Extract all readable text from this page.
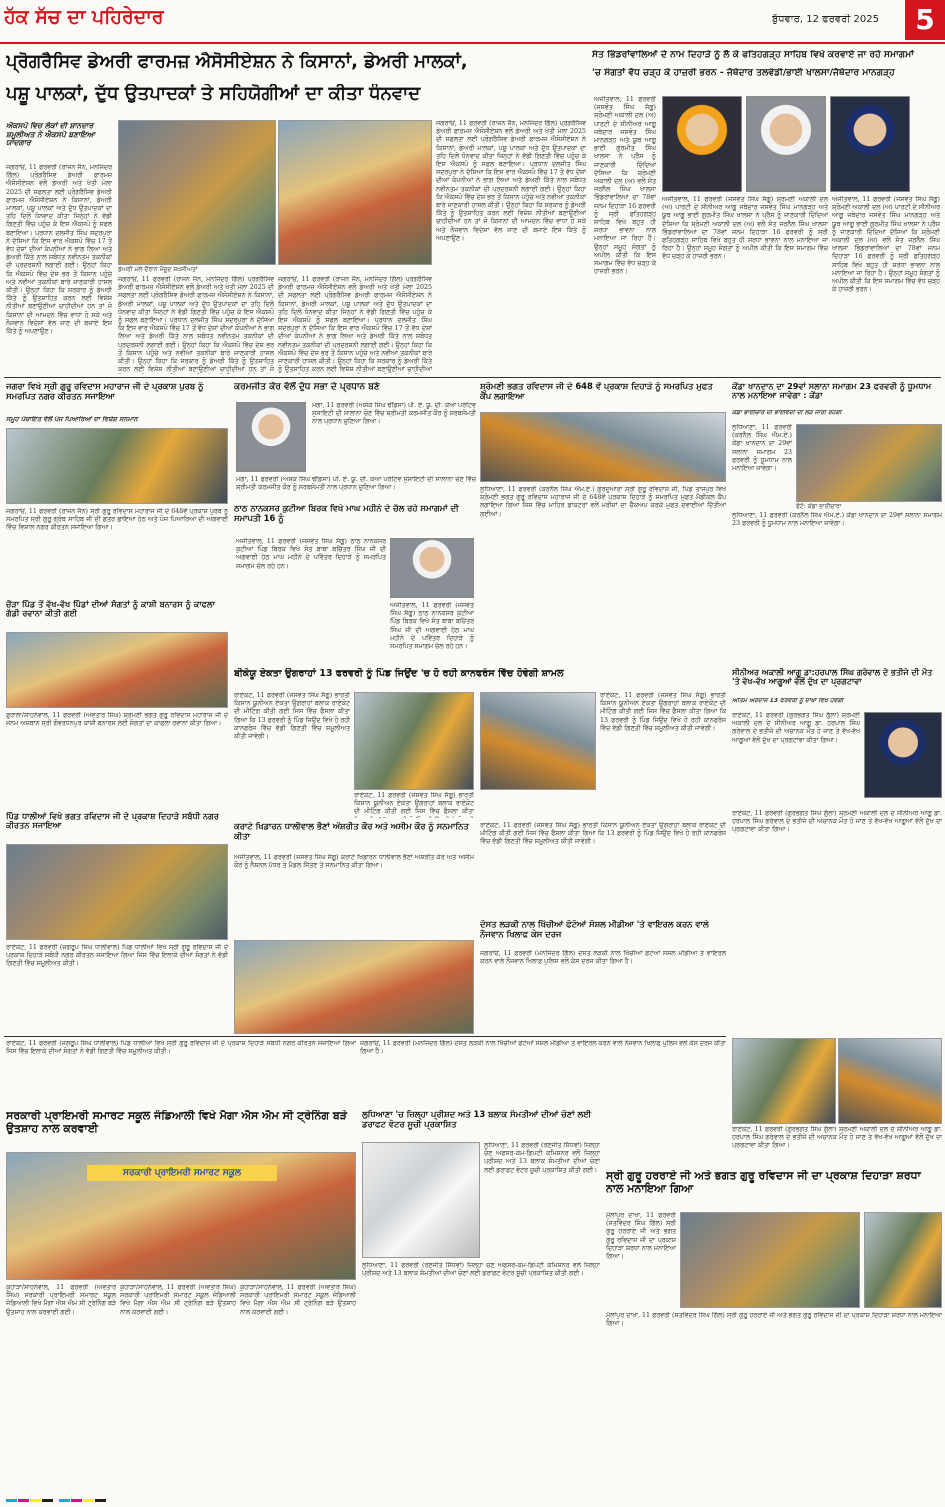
ਹੱਕ ਸੱਚ ਦਾ ਪਹਿਰੇਦਾਰ	ਬੁੱਧਵਾਰ, 12 ਫਰਵਰੀ 2025	5
ਪ੍ਰੋਗਰੈਸਿਵ ਡੇਅਰੀ ਫਾਰਮਜ਼ ਐਸੋਸੀਏਸ਼ਨ ਨੇ ਕਿਸਾਨਾਂ, ਡੇਅਰੀ ਮਾਲਕਾਂ,
ਪਸ਼ੂ ਪਾਲਕਾਂ, ਦੁੱਧ ਉਤਪਾਦਕਾਂ ਤੇ ਸਹਿਯੋਗੀਆਂ ਦਾ ਕੀਤਾ ਧੰਨਵਾਦ
ਐਕਸਪੋ ਵਿਚ ਲੋਕਾਂ ਦੀ ਸ਼ਾਨਦਾਰ ਸ਼ਮੂਲੀਅਤ ਨੇ ਐਕਸਪੋ ਬਣਾਇਆ ਯਾਦਗਾਰ
ਜਗਰਾਓਂ, 11 ਫਰਵਰੀ (ਰਾਜਨ ਜੈਨ, ਮਨਜਿੰਦਰ ਗਿੱਲ) ਪ੍ਰੋਗਰੈਸਿਵ ਡੇਅਰੀ ਫਾਰਮਜ਼ ਐਸੋਸੀਏਸ਼ਨ ਵਲੋਂ ਡੇਅਰੀ ਅਤੇ ਖੇਤੀ ਮੇਲਾ 2025 ਦੀ ਸਫਲਤਾ ਲਈ ਪ੍ਰੋਗਰੈਸਿਵ ਡੇਅਰੀ ਫਾਰਮਜ਼ ਐਸੋਸੀਏਸ਼ਨ ਨੇ ਕਿਸਾਨਾਂ, ਡੇਅਰੀ ਮਾਲਕਾਂ, ਪਸ਼ੂ ਪਾਲਕਾਂ ਅਤੇ ਦੁੱਧ ਉਤਪਾਦਕਾਂ ਦਾ ਤਹਿ ਦਿਲੋਂ ਧੰਨਵਾਦ ਕੀਤਾ ਜਿਨ੍ਹਾਂ ਨੇ ਵੱਡੀ ਗਿਣਤੀ ਵਿੱਚ ਪਹੁੰਚ ਕੇ ਇਸ ਐਕਸਪੋ ਨੂੰ ਸਫਲ ਬਣਾਇਆ। ਪ੍ਰਧਾਨ ਦਲਜੀਤ ਸਿੰਘ ਸਦਰਪੁਰਾ ਨੇ ਦੱਸਿਆ ਕਿ ਇਸ ਵਾਰ ਐਕਸਪੋ ਵਿੱਚ 17 ਤੋਂ ਵੱਧ ਦੇਸ਼ਾਂ ਦੀਆਂ ਕੰਪਨੀਆਂ ਨੇ ਭਾਗ ਲਿਆ ਅਤੇ ਡੇਅਰੀ ਕਿੱਤੇ ਨਾਲ ਸਬੰਧਤ ਨਵੀਨਤਮ ਤਕਨੀਕਾਂ ਦੀ ਪ੍ਰਦਰਸ਼ਨੀ ਲਗਾਈ ਗਈ। ਉਨ੍ਹਾਂ ਕਿਹਾ ਕਿ ਐਕਸਪੋ ਵਿੱਚ ਦੇਸ਼ ਭਰ ਤੋਂ ਕਿਸਾਨ ਪਹੁੰਚੇ ਅਤੇ ਨਵੀਆਂ ਤਕਨੀਕਾਂ ਬਾਰੇ ਜਾਣਕਾਰੀ ਹਾਸਲ ਕੀਤੀ। ਉਨ੍ਹਾਂ ਕਿਹਾ ਕਿ ਸਰਕਾਰ ਨੂੰ ਡੇਅਰੀ ਕਿੱਤੇ ਨੂੰ ਉਤਸ਼ਾਹਿਤ ਕਰਨ ਲਈ ਵਿਸ਼ੇਸ਼ ਨੀਤੀਆਂ ਬਣਾਉਣੀਆਂ ਚਾਹੀਦੀਆਂ ਹਨ ਤਾਂ ਜੋ ਕਿਸਾਨਾਂ ਦੀ ਆਮਦਨ ਵਿੱਚ ਵਾਧਾ ਹੋ ਸਕੇ ਅਤੇ ਨੌਜਵਾਨ ਵਿਦੇਸ਼ਾਂ ਵੱਲ ਜਾਣ ਦੀ ਬਜਾਏ ਇਸ ਕਿੱਤੇ ਨੂੰ ਅਪਣਾਉਣ।
ਡੇਅਰੀ ਮੇਲੇ ਦੌਰਾਨ ਮੌਜੂਦ ਸ਼ਖ਼ਸੀਅਤਾਂ
ਜਗਰਾਓਂ, 11 ਫਰਵਰੀ (ਰਾਜਨ ਜੈਨ, ਮਨਜਿੰਦਰ ਗਿੱਲ) ਪ੍ਰੋਗਰੈਸਿਵ ਡੇਅਰੀ ਫਾਰਮਜ਼ ਐਸੋਸੀਏਸ਼ਨ ਵਲੋਂ ਡੇਅਰੀ ਅਤੇ ਖੇਤੀ ਮੇਲਾ 2025 ਦੀ ਸਫਲਤਾ ਲਈ ਪ੍ਰੋਗਰੈਸਿਵ ਡੇਅਰੀ ਫਾਰਮਜ਼ ਐਸੋਸੀਏਸ਼ਨ ਨੇ ਕਿਸਾਨਾਂ, ਡੇਅਰੀ ਮਾਲਕਾਂ, ਪਸ਼ੂ ਪਾਲਕਾਂ ਅਤੇ ਦੁੱਧ ਉਤਪਾਦਕਾਂ ਦਾ ਤਹਿ ਦਿਲੋਂ ਧੰਨਵਾਦ ਕੀਤਾ ਜਿਨ੍ਹਾਂ ਨੇ ਵੱਡੀ ਗਿਣਤੀ ਵਿੱਚ ਪਹੁੰਚ ਕੇ ਇਸ ਐਕਸਪੋ ਨੂੰ ਸਫਲ ਬਣਾਇਆ। ਪ੍ਰਧਾਨ ਦਲਜੀਤ ਸਿੰਘ ਸਦਰਪੁਰਾ ਨੇ ਦੱਸਿਆ ਕਿ ਇਸ ਵਾਰ ਐਕਸਪੋ ਵਿੱਚ 17 ਤੋਂ ਵੱਧ ਦੇਸ਼ਾਂ ਦੀਆਂ ਕੰਪਨੀਆਂ ਨੇ ਭਾਗ ਲਿਆ ਅਤੇ ਡੇਅਰੀ ਕਿੱਤੇ ਨਾਲ ਸਬੰਧਤ ਨਵੀਨਤਮ ਤਕਨੀਕਾਂ ਦੀ ਪ੍ਰਦਰਸ਼ਨੀ ਲਗਾਈ ਗਈ। ਉਨ੍ਹਾਂ ਕਿਹਾ ਕਿ ਐਕਸਪੋ ਵਿੱਚ ਦੇਸ਼ ਭਰ ਤੋਂ ਕਿਸਾਨ ਪਹੁੰਚੇ ਅਤੇ ਨਵੀਆਂ ਤਕਨੀਕਾਂ ਬਾਰੇ ਜਾਣਕਾਰੀ ਹਾਸਲ ਕੀਤੀ। ਉਨ੍ਹਾਂ ਕਿਹਾ ਕਿ ਸਰਕਾਰ ਨੂੰ ਡੇਅਰੀ ਕਿੱਤੇ ਨੂੰ ਉਤਸ਼ਾਹਿਤ ਕਰਨ ਲਈ ਵਿਸ਼ੇਸ਼ ਨੀਤੀਆਂ ਬਣਾਉਣੀਆਂ ਚਾਹੀਦੀਆਂ ਹਨ ਤਾਂ ਜੋ
ਜਗਰਾਓਂ, 11 ਫਰਵਰੀ (ਰਾਜਨ ਜੈਨ, ਮਨਜਿੰਦਰ ਗਿੱਲ) ਪ੍ਰੋਗਰੈਸਿਵ ਡੇਅਰੀ ਫਾਰਮਜ਼ ਐਸੋਸੀਏਸ਼ਨ ਵਲੋਂ ਡੇਅਰੀ ਅਤੇ ਖੇਤੀ ਮੇਲਾ 2025 ਦੀ ਸਫਲਤਾ ਲਈ ਪ੍ਰੋਗਰੈਸਿਵ ਡੇਅਰੀ ਫਾਰਮਜ਼ ਐਸੋਸੀਏਸ਼ਨ ਨੇ ਕਿਸਾਨਾਂ, ਡੇਅਰੀ ਮਾਲਕਾਂ, ਪਸ਼ੂ ਪਾਲਕਾਂ ਅਤੇ ਦੁੱਧ ਉਤਪਾਦਕਾਂ ਦਾ ਤਹਿ ਦਿਲੋਂ ਧੰਨਵਾਦ ਕੀਤਾ ਜਿਨ੍ਹਾਂ ਨੇ ਵੱਡੀ ਗਿਣਤੀ ਵਿੱਚ ਪਹੁੰਚ ਕੇ ਇਸ ਐਕਸਪੋ ਨੂੰ ਸਫਲ ਬਣਾਇਆ। ਪ੍ਰਧਾਨ ਦਲਜੀਤ ਸਿੰਘ ਸਦਰਪੁਰਾ ਨੇ ਦੱਸਿਆ ਕਿ ਇਸ ਵਾਰ ਐਕਸਪੋ ਵਿੱਚ 17 ਤੋਂ ਵੱਧ ਦੇਸ਼ਾਂ ਦੀਆਂ ਕੰਪਨੀਆਂ ਨੇ ਭਾਗ ਲਿਆ ਅਤੇ ਡੇਅਰੀ ਕਿੱਤੇ ਨਾਲ ਸਬੰਧਤ ਨਵੀਨਤਮ ਤਕਨੀਕਾਂ ਦੀ ਪ੍ਰਦਰਸ਼ਨੀ ਲਗਾਈ ਗਈ। ਉਨ੍ਹਾਂ ਕਿਹਾ ਕਿ ਐਕਸਪੋ ਵਿੱਚ ਦੇਸ਼ ਭਰ ਤੋਂ ਕਿਸਾਨ ਪਹੁੰਚੇ ਅਤੇ ਨਵੀਆਂ ਤਕਨੀਕਾਂ ਬਾਰੇ ਜਾਣਕਾਰੀ ਹਾਸਲ ਕੀਤੀ। ਉਨ੍ਹਾਂ ਕਿਹਾ ਕਿ ਸਰਕਾਰ ਨੂੰ ਡੇਅਰੀ ਕਿੱਤੇ ਨੂੰ ਉਤਸ਼ਾਹਿਤ ਕਰਨ ਲਈ ਵਿਸ਼ੇਸ਼ ਨੀਤੀਆਂ ਬਣਾਉਣੀਆਂ ਚਾਹੀਦੀਆਂ
ਜਗਰਾਓਂ, 11 ਫਰਵਰੀ (ਰਾਜਨ ਜੈਨ, ਮਨਜਿੰਦਰ ਗਿੱਲ) ਪ੍ਰੋਗਰੈਸਿਵ ਡੇਅਰੀ ਫਾਰਮਜ਼ ਐਸੋਸੀਏਸ਼ਨ ਵਲੋਂ ਡੇਅਰੀ ਅਤੇ ਖੇਤੀ ਮੇਲਾ 2025 ਦੀ ਸਫਲਤਾ ਲਈ ਪ੍ਰੋਗਰੈਸਿਵ ਡੇਅਰੀ ਫਾਰਮਜ਼ ਐਸੋਸੀਏਸ਼ਨ ਨੇ ਕਿਸਾਨਾਂ, ਡੇਅਰੀ ਮਾਲਕਾਂ, ਪਸ਼ੂ ਪਾਲਕਾਂ ਅਤੇ ਦੁੱਧ ਉਤਪਾਦਕਾਂ ਦਾ ਤਹਿ ਦਿਲੋਂ ਧੰਨਵਾਦ ਕੀਤਾ ਜਿਨ੍ਹਾਂ ਨੇ ਵੱਡੀ ਗਿਣਤੀ ਵਿੱਚ ਪਹੁੰਚ ਕੇ ਇਸ ਐਕਸਪੋ ਨੂੰ ਸਫਲ ਬਣਾਇਆ। ਪ੍ਰਧਾਨ ਦਲਜੀਤ ਸਿੰਘ ਸਦਰਪੁਰਾ ਨੇ ਦੱਸਿਆ ਕਿ ਇਸ ਵਾਰ ਐਕਸਪੋ ਵਿੱਚ 17 ਤੋਂ ਵੱਧ ਦੇਸ਼ਾਂ ਦੀਆਂ ਕੰਪਨੀਆਂ ਨੇ ਭਾਗ ਲਿਆ ਅਤੇ ਡੇਅਰੀ ਕਿੱਤੇ ਨਾਲ ਸਬੰਧਤ ਨਵੀਨਤਮ ਤਕਨੀਕਾਂ ਦੀ ਪ੍ਰਦਰਸ਼ਨੀ ਲਗਾਈ ਗਈ। ਉਨ੍ਹਾਂ ਕਿਹਾ ਕਿ ਐਕਸਪੋ ਵਿੱਚ ਦੇਸ਼ ਭਰ ਤੋਂ ਕਿਸਾਨ ਪਹੁੰਚੇ ਅਤੇ ਨਵੀਆਂ ਤਕਨੀਕਾਂ ਬਾਰੇ ਜਾਣਕਾਰੀ ਹਾਸਲ ਕੀਤੀ। ਉਨ੍ਹਾਂ ਕਿਹਾ ਕਿ ਸਰਕਾਰ ਨੂੰ ਡੇਅਰੀ ਕਿੱਤੇ ਨੂੰ ਉਤਸ਼ਾਹਿਤ ਕਰਨ ਲਈ ਵਿਸ਼ੇਸ਼ ਨੀਤੀਆਂ ਬਣਾਉਣੀਆਂ ਚਾਹੀਦੀਆਂ ਹਨ ਤਾਂ ਜੋ ਕਿਸਾਨਾਂ ਦੀ ਆਮਦਨ ਵਿੱਚ ਵਾਧਾ ਹੋ ਸਕੇ ਅਤੇ ਨੌਜਵਾਨ ਵਿਦੇਸ਼ਾਂ ਵੱਲ ਜਾਣ ਦੀ ਬਜਾਏ ਇਸ ਕਿੱਤੇ ਨੂੰ ਅਪਣਾਉਣ।
ਸੰਤ ਭਿੰਡਰਾਂਵਾਲਿਆਂ ਦੇ ਨਾਮ ਦਿਹਾੜੇ ਨੂੰ ਲੈ ਕੇ ਫਤਿਹਗੜ੍ਹ ਸਾਹਿਬ ਵਿਖੇ ਕਰਵਾਏ ਜਾ ਰਹੇ ਸਮਾਗਮਾਂ
'ਚ ਸੰਗਤਾਂ ਵੱਧ ਚੜ੍ਹ ਕੇ ਹਾਜ਼ਰੀ ਭਰਨ - ਜੱਥੇਦਾਰ ਤਲਵੰਡੀ/ਭਾਈ ਖਾਲਸਾ/ਜੱਥੇਦਾਰ ਮਾਨਗੜ੍ਹ
ਅਜੀਤਵਾਲ, 11 ਫਰਵਰੀ (ਜਸਵੰਤ ਸਿੰਘ ਸੱਗੂ) ਸ਼੍ਰੋਮਣੀ ਅਕਾਲੀ ਦਲ (ਅ) ਪਾਰਟੀ ਦੇ ਸੀਨੀਅਰ ਆਗੂ ਜਥੇਦਾਰ ਜਸਵੰਤ ਸਿੰਘ ਮਾਨਗੜ੍ਹ ਅਤੇ ਯੂਥ ਆਗੂ ਭਾਈ ਗੁਰਮੀਤ ਸਿੰਘ ਖਾਲਸਾ ਨੇ ਪ੍ਰੈਸ ਨੂੰ ਜਾਣਕਾਰੀ ਦਿੰਦਿਆਂ ਦੱਸਿਆ ਕਿ ਸ਼੍ਰੋਮਣੀ ਅਕਾਲੀ ਦਲ (ਅ) ਵਲੋਂ ਸੰਤ ਜਰਨੈਲ ਸਿੰਘ ਖਾਲਸਾ ਭਿੰਡਰਾਂਵਾਲਿਆਂ ਦਾ 78ਵਾਂ ਜਨਮ ਦਿਹਾੜਾ 16 ਫਰਵਰੀ ਨੂੰ ਸ੍ਰੀ ਫਤਿਹਗੜ੍ਹ ਸਾਹਿਬ ਵਿਖੇ ਬਹੁਤ ਹੀ ਸ਼ਰਧਾ ਭਾਵਨਾ ਨਾਲ ਮਨਾਇਆ ਜਾ ਰਿਹਾ ਹੈ। ਉਨ੍ਹਾਂ ਸਮੂਹ ਸੰਗਤਾਂ ਨੂੰ ਅਪੀਲ ਕੀਤੀ ਕਿ ਇਸ ਸਮਾਗਮ ਵਿੱਚ ਵੱਧ ਚੜ੍ਹ ਕੇ ਹਾਜ਼ਰੀ ਭਰਨ।
ਅਜੀਤਵਾਲ, 11 ਫਰਵਰੀ (ਜਸਵੰਤ ਸਿੰਘ ਸੱਗੂ) ਸ਼੍ਰੋਮਣੀ ਅਕਾਲੀ ਦਲ (ਅ) ਪਾਰਟੀ ਦੇ ਸੀਨੀਅਰ ਆਗੂ ਜਥੇਦਾਰ ਜਸਵੰਤ ਸਿੰਘ ਮਾਨਗੜ੍ਹ ਅਤੇ ਯੂਥ ਆਗੂ ਭਾਈ ਗੁਰਮੀਤ ਸਿੰਘ ਖਾਲਸਾ ਨੇ ਪ੍ਰੈਸ ਨੂੰ ਜਾਣਕਾਰੀ ਦਿੰਦਿਆਂ ਦੱਸਿਆ ਕਿ ਸ਼੍ਰੋਮਣੀ ਅਕਾਲੀ ਦਲ (ਅ) ਵਲੋਂ ਸੰਤ ਜਰਨੈਲ ਸਿੰਘ ਖਾਲਸਾ ਭਿੰਡਰਾਂਵਾਲਿਆਂ ਦਾ 78ਵਾਂ ਜਨਮ ਦਿਹਾੜਾ 16 ਫਰਵਰੀ ਨੂੰ ਸ੍ਰੀ ਫਤਿਹਗੜ੍ਹ ਸਾਹਿਬ ਵਿਖੇ ਬਹੁਤ ਹੀ ਸ਼ਰਧਾ ਭਾਵਨਾ ਨਾਲ ਮਨਾਇਆ ਜਾ ਰਿਹਾ ਹੈ। ਉਨ੍ਹਾਂ ਸਮੂਹ ਸੰਗਤਾਂ ਨੂੰ ਅਪੀਲ ਕੀਤੀ ਕਿ ਇਸ ਸਮਾਗਮ ਵਿੱਚ ਵੱਧ ਚੜ੍ਹ ਕੇ ਹਾਜ਼ਰੀ ਭਰਨ।
ਅਜੀਤਵਾਲ, 11 ਫਰਵਰੀ (ਜਸਵੰਤ ਸਿੰਘ ਸੱਗੂ) ਸ਼੍ਰੋਮਣੀ ਅਕਾਲੀ ਦਲ (ਅ) ਪਾਰਟੀ ਦੇ ਸੀਨੀਅਰ ਆਗੂ ਜਥੇਦਾਰ ਜਸਵੰਤ ਸਿੰਘ ਮਾਨਗੜ੍ਹ ਅਤੇ ਯੂਥ ਆਗੂ ਭਾਈ ਗੁਰਮੀਤ ਸਿੰਘ ਖਾਲਸਾ ਨੇ ਪ੍ਰੈਸ ਨੂੰ ਜਾਣਕਾਰੀ ਦਿੰਦਿਆਂ ਦੱਸਿਆ ਕਿ ਸ਼੍ਰੋਮਣੀ ਅਕਾਲੀ ਦਲ (ਅ) ਵਲੋਂ ਸੰਤ ਜਰਨੈਲ ਸਿੰਘ ਖਾਲਸਾ ਭਿੰਡਰਾਂਵਾਲਿਆਂ ਦਾ 78ਵਾਂ ਜਨਮ ਦਿਹਾੜਾ 16 ਫਰਵਰੀ ਨੂੰ ਸ੍ਰੀ ਫਤਿਹਗੜ੍ਹ ਸਾਹਿਬ ਵਿਖੇ ਬਹੁਤ ਹੀ ਸ਼ਰਧਾ ਭਾਵਨਾ ਨਾਲ ਮਨਾਇਆ ਜਾ ਰਿਹਾ ਹੈ। ਉਨ੍ਹਾਂ ਸਮੂਹ ਸੰਗਤਾਂ ਨੂੰ ਅਪੀਲ ਕੀਤੀ ਕਿ ਇਸ ਸਮਾਗਮ ਵਿੱਚ ਵੱਧ ਚੜ੍ਹ ਕੇ ਹਾਜ਼ਰੀ ਭਰਨ।
ਜਗਰਾ ਵਿਖੇ ਸ੍ਰੀ ਗੁਰੂ ਰਵਿਦਾਸ ਮਹਾਰਾਜ ਜੀ ਦੇ ਪ੍ਰਕਾਸ਼ ਪੁਰਬ ਨੂੰ ਸਮਰਪਿਤ ਨਗਰ ਕੀਰਤਨ ਸਜਾਇਆ
ਸਮੂਹ ਪੰਚਾਇਤ ਵੱਲੋਂ ਪੰਜ ਪਿਆਰਿਆਂ ਦਾ ਵਿਸ਼ੇਸ਼ ਸਨਮਾਨ
ਜਗਰਾਓਂ, 11 ਫਰਵਰੀ (ਰਾਜਨ ਜੈਨ) ਸ੍ਰੀ ਗੁਰੂ ਰਵਿਦਾਸ ਮਹਾਰਾਜ ਜੀ ਦੇ 648ਵੇਂ ਪ੍ਰਕਾਸ਼ ਪੁਰਬ ਨੂੰ ਸਮਰਪਿਤ ਸ੍ਰੀ ਗੁਰੂ ਗ੍ਰੰਥ ਸਾਹਿਬ ਜੀ ਦੀ ਛਤਰ ਛਾਇਆ ਹੇਠ ਅਤੇ ਪੰਜ ਪਿਆਰਿਆਂ ਦੀ ਅਗਵਾਈ ਵਿੱਚ ਵਿਸ਼ਾਲ ਨਗਰ ਕੀਰਤਨ ਸਜਾਇਆ ਗਿਆ।
ਕਰਮਜੀਤ ਕੌਰ ਵੱਲੋਂ ਦੁੱਧ ਸਭਾ ਦੇ ਪ੍ਰਧਾਨ ਬਣੇ
ਮੋਗਾ, 11 ਫਰਵਰੀ (ਅਸ਼ੋਕ ਸਿੰਘ ਢੀਂਡਸਾ) ਪੀ. ਏ. ਯੂ. ਦੀ. ਕੋਆ ਪਰੇਟਿਵ ਸੁਸਾਇਟੀ ਦੀ ਸਾਲਾਨਾ ਚੋਣ ਵਿੱਚ ਸ਼੍ਰੀਮਤੀ ਕਰਮਜੀਤ ਕੌਰ ਨੂੰ ਸਰਬਸੰਮਤੀ ਨਾਲ ਪ੍ਰਧਾਨ ਚੁਣਿਆ ਗਿਆ।
ਮੋਗਾ, 11 ਫਰਵਰੀ (ਅਸ਼ੋਕ ਸਿੰਘ ਢੀਂਡਸਾ) ਪੀ. ਏ. ਯੂ. ਦੀ. ਕੋਆ ਪਰੇਟਿਵ ਸੁਸਾਇਟੀ ਦੀ ਸਾਲਾਨਾ ਚੋਣ ਵਿੱਚ ਸ਼੍ਰੀਮਤੀ ਕਰਮਜੀਤ ਕੌਰ ਨੂੰ ਸਰਬਸੰਮਤੀ ਨਾਲ ਪ੍ਰਧਾਨ ਚੁਣਿਆ ਗਿਆ।
ਠਾਠ ਨਾਨਕਸਰ ਕੁਟੀਆ ਬਿਰਕ ਵਿਖੇ ਮਾਘ ਮਹੀਨੇ ਦੇ ਚੱਲ ਰਹੇ ਸਮਾਗਮਾਂ ਦੀ ਸਮਾਪਤੀ 16 ਨੂੰ
ਅਜੀਤਵਾਲ, 11 ਫਰਵਰੀ (ਜਸਵੰਤ ਸਿੰਘ ਸੱਗੂ) ਠਾਠ ਨਾਨਕਸਰ ਕੁਟੀਆ ਪਿੰਡ ਬਿਰਕ ਵਿਖੇ ਸੰਤ ਬਾਬਾ ਬਚਿੱਤਰ ਸਿੰਘ ਜੀ ਦੀ ਅਗਵਾਈ ਹੇਠ ਮਾਘ ਮਹੀਨੇ ਦੇ ਪਵਿੱਤਰ ਦਿਹਾੜੇ ਨੂੰ ਸਮਰਪਿਤ ਸਮਾਗਮ ਚੱਲ ਰਹੇ ਹਨ।
ਅਜੀਤਵਾਲ, 11 ਫਰਵਰੀ (ਜਸਵੰਤ ਸਿੰਘ ਸੱਗੂ) ਠਾਠ ਨਾਨਕਸਰ ਕੁਟੀਆ ਪਿੰਡ ਬਿਰਕ ਵਿਖੇ ਸੰਤ ਬਾਬਾ ਬਚਿੱਤਰ ਸਿੰਘ ਜੀ ਦੀ ਅਗਵਾਈ ਹੇਠ ਮਾਘ ਮਹੀਨੇ ਦੇ ਪਵਿੱਤਰ ਦਿਹਾੜੇ ਨੂੰ ਸਮਰਪਿਤ ਸਮਾਗਮ ਚੱਲ ਰਹੇ ਹਨ।
ਸ਼੍ਰੋਮਣੀ ਭਗਤ ਰਵਿਦਾਸ ਜੀ ਦੇ 648 ਵੇਂ ਪ੍ਰਕਾਸ਼ ਦਿਹਾੜੇ ਨੂੰ ਸਮਰਪਿਤ ਮੁਫਤ ਕੈਂਪ ਲਗਾਇਆ
ਲੁਧਿਆਣਾ, 11 ਫਰਵਰੀ (ਕਰਨੈਲ ਸਿੰਘ ਐਮ.ਏ.) ਗੁਰਦੁਆਰਾ ਸ੍ਰੀ ਗੁਰੂ ਰਵਿਦਾਸ ਜੀ, ਪਿੰਡ ਤਾਜਪੁਰ ਵਿਖੇ ਸ਼੍ਰੋਮਣੀ ਭਗਤ ਗੁਰੂ ਰਵਿਦਾਸ ਮਹਾਰਾਜ ਜੀ ਦੇ 648ਵੇਂ ਪ੍ਰਕਾਸ਼ ਦਿਹਾੜੇ ਨੂੰ ਸਮਰਪਿਤ ਮੁਫਤ ਮੈਡੀਕਲ ਕੈਂਪ ਲਗਾਇਆ ਗਿਆ ਜਿਸ ਵਿੱਚ ਮਾਹਿਰ ਡਾਕਟਰਾਂ ਵਲੋਂ ਮਰੀਜ਼ਾਂ ਦਾ ਚੈੱਕਅਪ ਕਰਕੇ ਮੁਫਤ ਦਵਾਈਆਂ ਦਿੱਤੀਆਂ ਗਈਆਂ।
ਕੇਂਡਾ ਖਾਨਦਾਨ ਦਾ 29ਵਾਂ ਸਲਾਨਾ ਸਮਾਗਮ 23 ਫਰਵਰੀ ਨੂੰ ਧੂਮਧਾਮ ਨਾਲ ਮਨਾਇਆ ਜਾਵੇਗਾ : ਕੇਂਡਾ
ਕੇਂਡਾ ਭਾਈਚਾਰੇ ਦੀ ਭਾਈਵੰਦੀ ਦੀ ਲੋੜ ਜਾਰੀ ਰਹੇਗੀ
ਲੁਧਿਆਣਾ, 11 ਫਰਵਰੀ (ਕਰਨੈਲ ਸਿੰਘ ਐਮ.ਏ.) ਕੇਂਡਾ ਖਾਨਦਾਨ ਦਾ 29ਵਾਂ ਸਲਾਨਾ ਸਮਾਗਮ 23 ਫਰਵਰੀ ਨੂੰ ਧੂਮਧਾਮ ਨਾਲ ਮਨਾਇਆ ਜਾਵੇਗਾ।
ਫੋਟੋ: ਕੇਂਡਾ ਭਾਈਚਾਰਾ
ਲੁਧਿਆਣਾ, 11 ਫਰਵਰੀ (ਕਰਨੈਲ ਸਿੰਘ ਐਮ.ਏ.) ਕੇਂਡਾ ਖਾਨਦਾਨ ਦਾ 29ਵਾਂ ਸਲਾਨਾ ਸਮਾਗਮ 23 ਫਰਵਰੀ ਨੂੰ ਧੂਮਧਾਮ ਨਾਲ ਮਨਾਇਆ ਜਾਵੇਗਾ।
ਚੌੜਾ ਪਿੰਡ ਤੋਂ ਵੱਖ-ਵੱਖ ਪਿੰਡਾਂ ਦੀਆਂ ਸੰਗਤਾਂ ਨੂੰ ਕਾਸ਼ੀ ਬਨਾਰਸ ਨੂੰ ਕਾਫਲਾ ਗੱਡੀ ਰਵਾਨਾ ਕੀਤੀ ਗਈ
ਫੁਰਾਲਾ/ਸਾਹਨੇਵਾਲ, 11 ਫਰਵਰੀ (ਅਵਤਾਰ ਸਿੰਘ) ਸ਼੍ਰੋਮਣੀ ਭਗਤ ਗੁਰੂ ਰਵਿਦਾਸ ਮਹਾਰਾਜ ਜੀ ਦੇ ਜਨਮ ਅਸਥਾਨ ਸ੍ਰੀ ਗੋਵਰਧਨਪੁਰ ਕਾਸ਼ੀ ਬਨਾਰਸ ਲਈ ਸੰਗਤਾਂ ਦਾ ਕਾਫਲਾ ਰਵਾਨਾ ਕੀਤਾ ਗਿਆ।
ਬੀਕੇਯੂ ਏਕਤਾ ਉਗਰਾਹਾਂ 13 ਫਰਵਰੀ ਨੂੰ ਪਿੰਡ ਜਿਉਂਦ 'ਚ ਹੋ ਰਹੀ ਕਾਨਫਰੰਸ ਵਿੱਚ ਹੋਵੇਗੀ ਸ਼ਾਮਲ
ਰਾਏਕੋਟ, 11 ਫਰਵਰੀ (ਜਸਵੰਤ ਸਿੰਘ ਸੱਗੂ) ਭਾਰਤੀ ਕਿਸਾਨ ਯੂਨੀਅਨ ਏਕਤਾ ਉਗਰਾਹਾਂ ਬਲਾਕ ਰਾਏਕੋਟ ਦੀ ਮੀਟਿੰਗ ਕੀਤੀ ਗਈ ਜਿਸ ਵਿੱਚ ਫੈਸਲਾ ਕੀਤਾ ਗਿਆ ਕਿ 13 ਫਰਵਰੀ ਨੂੰ ਪਿੰਡ ਜਿਉਂਦ ਵਿਖੇ ਹੋ ਰਹੀ ਕਾਨਫਰੰਸ ਵਿੱਚ ਵੱਡੀ ਗਿਣਤੀ ਵਿੱਚ ਸ਼ਮੂਲੀਅਤ ਕੀਤੀ ਜਾਵੇਗੀ।
ਰਾਏਕੋਟ, 11 ਫਰਵਰੀ (ਜਸਵੰਤ ਸਿੰਘ ਸੱਗੂ) ਭਾਰਤੀ ਕਿਸਾਨ ਯੂਨੀਅਨ ਏਕਤਾ ਉਗਰਾਹਾਂ ਬਲਾਕ ਰਾਏਕੋਟ ਦੀ ਮੀਟਿੰਗ ਕੀਤੀ ਗਈ ਜਿਸ ਵਿੱਚ ਫੈਸਲਾ ਕੀਤਾ
ਰਾਏਕੋਟ, 11 ਫਰਵਰੀ (ਜਸਵੰਤ ਸਿੰਘ ਸੱਗੂ) ਭਾਰਤੀ ਕਿਸਾਨ ਯੂਨੀਅਨ ਏਕਤਾ ਉਗਰਾਹਾਂ ਬਲਾਕ ਰਾਏਕੋਟ ਦੀ ਮੀਟਿੰਗ ਕੀਤੀ ਗਈ ਜਿਸ ਵਿੱਚ ਫੈਸਲਾ ਕੀਤਾ ਗਿਆ ਕਿ 13 ਫਰਵਰੀ ਨੂੰ ਪਿੰਡ ਜਿਉਂਦ ਵਿਖੇ ਹੋ ਰਹੀ ਕਾਨਫਰੰਸ ਵਿੱਚ ਵੱਡੀ ਗਿਣਤੀ ਵਿੱਚ ਸ਼ਮੂਲੀਅਤ ਕੀਤੀ ਜਾਵੇਗੀ।
ਸੀਨੀਅਰ ਅਕਾਲੀ ਆਗੂ ਡਾ:ਹਰਪਾਲ ਸਿੰਘ ਗਰੇਵਾਲ ਦੇ ਭਤੀਜੇ ਦੀ ਮੌਤ 'ਤੇ ਵੱਖ-ਵੱਖ ਆਗੂਆਂ ਵੱਲੋਂ ਦੁੱਖ ਦਾ ਪ੍ਰਗਟਾਵਾ
ਅੰਤਿਮ ਅਰਦਾਸ 13 ਫਰਵਰੀ ਨੂੰ ਦਾਖਾਂ ਵਿਖੇ ਹੋਵੇਗੀ
ਰਾਏਕੋਟ, 11 ਫਰਵਰੀ (ਗੁਰਭਗਤ ਸਿੰਘ ਗੁੱਲਾ) ਸ਼੍ਰੋਮਣੀ ਅਕਾਲੀ ਦਲ ਦੇ ਸੀਨੀਅਰ ਆਗੂ ਡਾ. ਹਰਪਾਲ ਸਿੰਘ ਗਰੇਵਾਲ ਦੇ ਭਤੀਜੇ ਦੀ ਅਚਾਨਕ ਮੌਤ ਹੋ ਜਾਣ ਤੇ ਵੱਖ-ਵੱਖ ਆਗੂਆਂ ਵੱਲੋਂ ਦੁੱਖ ਦਾ ਪ੍ਰਗਟਾਵਾ ਕੀਤਾ ਗਿਆ।
ਰਾਏਕੋਟ, 11 ਫਰਵਰੀ (ਗੁਰਭਗਤ ਸਿੰਘ ਗੁੱਲਾ) ਸ਼੍ਰੋਮਣੀ ਅਕਾਲੀ ਦਲ ਦੇ ਸੀਨੀਅਰ ਆਗੂ ਡਾ. ਹਰਪਾਲ ਸਿੰਘ ਗਰੇਵਾਲ ਦੇ ਭਤੀਜੇ ਦੀ ਅਚਾਨਕ ਮੌਤ ਹੋ ਜਾਣ ਤੇ ਵੱਖ-ਵੱਖ ਆਗੂਆਂ ਵੱਲੋਂ ਦੁੱਖ ਦਾ ਪ੍ਰਗਟਾਵਾ ਕੀਤਾ ਗਿਆ।
ਪਿੰਡ ਧਾਲੀਆਂ ਵਿਖੇ ਭਗਤ ਰਵਿਦਾਸ ਜੀ ਦੇ ਪ੍ਰਕਾਸ਼ ਦਿਹਾੜੇ ਸਬੰਧੀ ਨਗਰ ਕੀਰਤਨ ਸਜਾਇਆ
ਰਾਏਕੋਟ, 11 ਫਰਵਰੀ (ਜਗਰੂਪ ਸਿੰਘ ਧਾਲੀਵਾਲ) ਪਿੰਡ ਧਾਲੀਆਂ ਵਿਖੇ ਸ੍ਰੀ ਗੁਰੂ ਰਵਿਦਾਸ ਜੀ ਦੇ ਪ੍ਰਕਾਸ਼ ਦਿਹਾੜੇ ਸਬੰਧੀ ਨਗਰ ਕੀਰਤਨ ਸਜਾਇਆ ਗਿਆ ਜਿਸ ਵਿੱਚ ਇਲਾਕੇ ਦੀਆਂ ਸੰਗਤਾਂ ਨੇ ਵੱਡੀ ਗਿਣਤੀ ਵਿੱਚ ਸ਼ਮੂਲੀਅਤ ਕੀਤੀ।
ਕਰਾਟੇ ਖਿਡਾਰਨ ਧਾਲੀਵਾਲ ਭੈਣਾਂ ਅੰਸ਼ਰੀਤ ਕੌਰ ਅਤੇ ਅਸੀਮ ਕੌਰ ਨੂੰ ਸਨਮਾਨਿਤ ਕੀਤਾ
ਅਜੀਤਵਾਲ, 11 ਫਰਵਰੀ (ਜਸਵੰਤ ਸਿੰਘ ਸੱਗੂ) ਕਰਾਟੇ ਖਿਡਾਰਨ ਧਾਲੀਵਾਲ ਭੈਣਾਂ ਅੰਸ਼ਰੀਤ ਕੌਰ ਅਤੇ ਅਸੀਮ ਕੌਰ ਨੂੰ ਨੈਸ਼ਨਲ ਪੱਧਰ ਤੇ ਮੈਡਲ ਜਿੱਤਣ ਤੇ ਸਨਮਾਨਿਤ ਕੀਤਾ ਗਿਆ।
ਰਾਏਕੋਟ, 11 ਫਰਵਰੀ (ਜਸਵੰਤ ਸਿੰਘ ਸੱਗੂ) ਭਾਰਤੀ ਕਿਸਾਨ ਯੂਨੀਅਨ ਏਕਤਾ ਉਗਰਾਹਾਂ ਬਲਾਕ ਰਾਏਕੋਟ ਦੀ ਮੀਟਿੰਗ ਕੀਤੀ ਗਈ ਜਿਸ ਵਿੱਚ ਫੈਸਲਾ ਕੀਤਾ ਗਿਆ ਕਿ 13 ਫਰਵਰੀ ਨੂੰ ਪਿੰਡ ਜਿਉਂਦ ਵਿਖੇ ਹੋ ਰਹੀ ਕਾਨਫਰੰਸ ਵਿੱਚ ਵੱਡੀ ਗਿਣਤੀ ਵਿੱਚ ਸ਼ਮੂਲੀਅਤ ਕੀਤੀ ਜਾਵੇਗੀ।
ਦੋਸਤ ਲੜਕੀ ਨਾਲ ਖਿੱਚੀਆਂ ਫੋਟੋਆਂ ਸੋਸ਼ਲ ਮੀਡੀਆ 'ਤੇ ਵਾਇਰਲ ਕਰਨ ਵਾਲੇ ਨੌਜਵਾਨ ਖਿਲਾਫ ਕੇਸ ਦਰਜ
ਜਗਰਾਓਂ, 11 ਫਰਵਰੀ (ਮਨਜਿੰਦਰ ਗਿੱਲ) ਦੋਸਤ ਲੜਕੀ ਨਾਲ ਖਿੱਚੀਆਂ ਫੋਟੋਆਂ ਸੋਸ਼ਲ ਮੀਡੀਆ ਤੇ ਵਾਇਰਲ ਕਰਨ ਵਾਲੇ ਨੌਜਵਾਨ ਖਿਲਾਫ ਪੁਲਿਸ ਵਲੋਂ ਕੇਸ ਦਰਜ ਕੀਤਾ ਗਿਆ ਹੈ।
ਰਾਏਕੋਟ, 11 ਫਰਵਰੀ (ਗੁਰਭਗਤ ਸਿੰਘ ਗੁੱਲਾ) ਸ਼੍ਰੋਮਣੀ ਅਕਾਲੀ ਦਲ ਦੇ ਸੀਨੀਅਰ ਆਗੂ ਡਾ. ਹਰਪਾਲ ਸਿੰਘ ਗਰੇਵਾਲ ਦੇ ਭਤੀਜੇ ਦੀ ਅਚਾਨਕ ਮੌਤ ਹੋ ਜਾਣ ਤੇ ਵੱਖ-ਵੱਖ ਆਗੂਆਂ ਵੱਲੋਂ ਦੁੱਖ ਦਾ ਪ੍ਰਗਟਾਵਾ ਕੀਤਾ ਗਿਆ।
ਰਾਏਕੋਟ, 11 ਫਰਵਰੀ (ਜਗਰੂਪ ਸਿੰਘ ਧਾਲੀਵਾਲ) ਪਿੰਡ ਧਾਲੀਆਂ ਵਿਖੇ ਸ੍ਰੀ ਗੁਰੂ ਰਵਿਦਾਸ ਜੀ ਦੇ ਪ੍ਰਕਾਸ਼ ਦਿਹਾੜੇ ਸਬੰਧੀ ਨਗਰ ਕੀਰਤਨ ਸਜਾਇਆ ਗਿਆ ਜਿਸ ਵਿੱਚ ਇਲਾਕੇ ਦੀਆਂ ਸੰਗਤਾਂ ਨੇ ਵੱਡੀ ਗਿਣਤੀ ਵਿੱਚ ਸ਼ਮੂਲੀਅਤ ਕੀਤੀ।
ਜਗਰਾਓਂ, 11 ਫਰਵਰੀ (ਮਨਜਿੰਦਰ ਗਿੱਲ) ਦੋਸਤ ਲੜਕੀ ਨਾਲ ਖਿੱਚੀਆਂ ਫੋਟੋਆਂ ਸੋਸ਼ਲ ਮੀਡੀਆ ਤੇ ਵਾਇਰਲ ਕਰਨ ਵਾਲੇ ਨੌਜਵਾਨ ਖਿਲਾਫ ਪੁਲਿਸ ਵਲੋਂ ਕੇਸ ਦਰਜ ਕੀਤਾ ਗਿਆ ਹੈ।
ਸਰਕਾਰੀ ਪ੍ਰਾਇਮਰੀ ਸਮਾਰਟ ਸਕੂਲ ਜੰਡਿਆਲੀ ਵਿਖੇ ਮੈਗਾ ਐਸ ਐਮ ਸੀ ਟ੍ਰੇਨਿੰਗ ਬੜੇ ਉਤਸ਼ਾਹ ਨਾਲ ਕਰਵਾਈ
ਸਰਕਾਰੀ ਪ੍ਰਾਇਮਰੀ ਸਮਾਰਟ ਸਕੂਲ
ਕੁਹਾੜਾ/ਸਾਹਨੇਵਾਲ, 11 ਫਰਵਰੀ (ਅਵਤਾਰ ਸਿੰਘ) ਸਰਕਾਰੀ ਪ੍ਰਾਇਮਰੀ ਸਮਾਰਟ ਸਕੂਲ ਜੰਡਿਆਲੀ ਵਿਖੇ ਮੈਗਾ ਐਸ ਐਮ ਸੀ ਟ੍ਰੇਨਿੰਗ ਬੜੇ ਉਤਸ਼ਾਹ ਨਾਲ ਕਰਵਾਈ ਗਈ।
ਕੁਹਾੜਾ/ਸਾਹਨੇਵਾਲ, 11 ਫਰਵਰੀ (ਅਵਤਾਰ ਸਿੰਘ) ਸਰਕਾਰੀ ਪ੍ਰਾਇਮਰੀ ਸਮਾਰਟ ਸਕੂਲ ਜੰਡਿਆਲੀ ਵਿਖੇ ਮੈਗਾ ਐਸ ਐਮ ਸੀ ਟ੍ਰੇਨਿੰਗ ਬੜੇ ਉਤਸ਼ਾਹ ਨਾਲ ਕਰਵਾਈ ਗਈ।
ਕੁਹਾੜਾ/ਸਾਹਨੇਵਾਲ, 11 ਫਰਵਰੀ (ਅਵਤਾਰ ਸਿੰਘ) ਸਰਕਾਰੀ ਪ੍ਰਾਇਮਰੀ ਸਮਾਰਟ ਸਕੂਲ ਜੰਡਿਆਲੀ ਵਿਖੇ ਮੈਗਾ ਐਸ ਐਮ ਸੀ ਟ੍ਰੇਨਿੰਗ ਬੜੇ ਉਤਸ਼ਾਹ ਨਾਲ ਕਰਵਾਈ ਗਈ।
ਲੁਧਿਆਣਾ 'ਚ ਜ਼ਿਲ੍ਹਾ ਪ੍ਰੀਸ਼ਦ ਅਤੇ 13 ਬਲਾਕ ਸੰਮਤੀਆਂ ਦੀਆਂ ਚੋਣਾਂ ਲਈ ਡਰਾਫਟ ਵੋਟਰ ਸੂਚੀ ਪ੍ਰਕਾਸ਼ਿਤ
ਲੁਧਿਆਣਾ, 11 ਫਰਵਰੀ (ਰਣਜੀਤ ਸਿੱਧਵਾਂ) ਜ਼ਿਲ੍ਹਾ ਚੋਣ ਅਫਸਰ-ਕਮ-ਡਿਪਟੀ ਕਮਿਸ਼ਨਰ ਵਲੋਂ ਜ਼ਿਲ੍ਹਾ ਪ੍ਰੀਸ਼ਦ ਅਤੇ 13 ਬਲਾਕ ਸੰਮਤੀਆਂ ਦੀਆਂ ਚੋਣਾਂ ਲਈ ਡਰਾਫਟ ਵੋਟਰ ਸੂਚੀ ਪ੍ਰਕਾਸ਼ਿਤ ਕੀਤੀ ਗਈ।
ਲੁਧਿਆਣਾ, 11 ਫਰਵਰੀ (ਰਣਜੀਤ ਸਿੱਧਵਾਂ) ਜ਼ਿਲ੍ਹਾ ਚੋਣ ਅਫਸਰ-ਕਮ-ਡਿਪਟੀ ਕਮਿਸ਼ਨਰ ਵਲੋਂ ਜ਼ਿਲ੍ਹਾ ਪ੍ਰੀਸ਼ਦ ਅਤੇ 13 ਬਲਾਕ ਸੰਮਤੀਆਂ ਦੀਆਂ ਚੋਣਾਂ ਲਈ ਡਰਾਫਟ ਵੋਟਰ ਸੂਚੀ ਪ੍ਰਕਾਸ਼ਿਤ ਕੀਤੀ ਗਈ।
ਸ੍ਰੀ ਗੁਰੂ ਹਰਰਾਏ ਜੀ ਅਤੇ ਭਗਤ ਗੁਰੂ ਰਵਿਦਾਸ ਜੀ ਦਾ ਪ੍ਰਕਾਸ਼ ਦਿਹਾੜਾ ਸ਼ਰਧਾ ਨਾਲ ਮਨਾਇਆ ਗਿਆ
ਮੁੱਲਾਂਪੁਰ ਦਾਖਾ, 11 ਫਰਵਰੀ (ਸਤਵਿੰਦਰ ਸਿੰਘ ਗਿੱਲ) ਸ੍ਰੀ ਗੁਰੂ ਹਰਰਾਏ ਜੀ ਅਤੇ ਭਗਤ ਗੁਰੂ ਰਵਿਦਾਸ ਜੀ ਦਾ ਪ੍ਰਕਾਸ਼ ਦਿਹਾੜਾ ਸ਼ਰਧਾ ਨਾਲ ਮਨਾਇਆ ਗਿਆ।
ਮੁੱਲਾਂਪੁਰ ਦਾਖਾ, 11 ਫਰਵਰੀ (ਸਤਵਿੰਦਰ ਸਿੰਘ ਗਿੱਲ) ਸ੍ਰੀ ਗੁਰੂ ਹਰਰਾਏ ਜੀ ਅਤੇ ਭਗਤ ਗੁਰੂ ਰਵਿਦਾਸ ਜੀ ਦਾ ਪ੍ਰਕਾਸ਼ ਦਿਹਾੜਾ ਸ਼ਰਧਾ ਨਾਲ ਮਨਾਇਆ ਗਿਆ।
